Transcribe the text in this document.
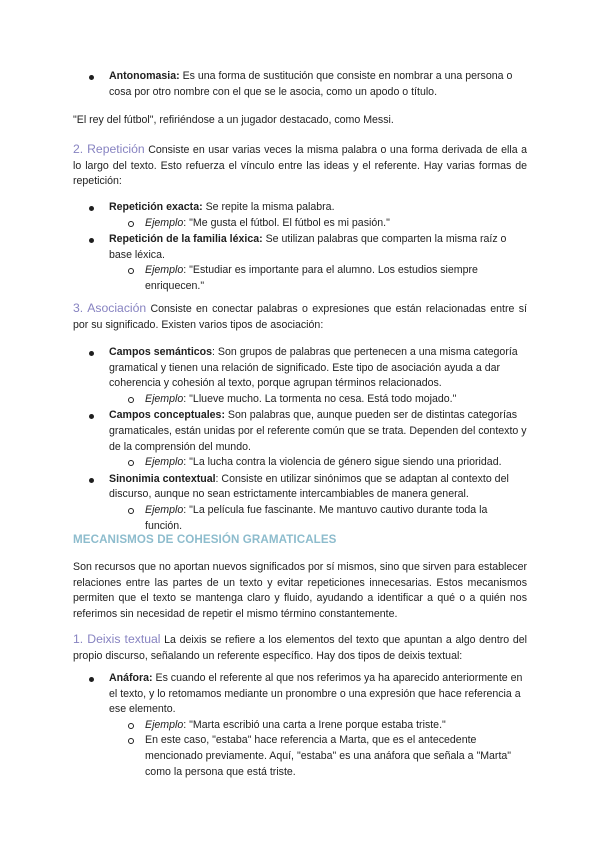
Antonomasia: Es una forma de sustitución que consiste en nombrar a una persona o cosa por otro nombre con el que se le asocia, como un apodo o título.

"El rey del fútbol", refiriéndose a un jugador destacado, como Messi.

2. Repetición Consiste en usar varias veces la misma palabra o una forma derivada de ella a lo largo del texto. Esto refuerza el vínculo entre las ideas y el referente. Hay varias formas de repetición:

Repetición exacta: Se repite la misma palabra.
Ejemplo: "Me gusta el fútbol. El fútbol es mi pasión."
Repetición de la familia léxica: Se utilizan palabras que comparten la misma raíz o base léxica.
Ejemplo: "Estudiar es importante para el alumno. Los estudios siempre enriquecen."

3. Asociación Consiste en conectar palabras o expresiones que están relacionadas entre sí por su significado. Existen varios tipos de asociación:

Campos semánticos: Son grupos de palabras que pertenecen a una misma categoría gramatical y tienen una relación de significado. Este tipo de asociación ayuda a dar coherencia y cohesión al texto, porque agrupan términos relacionados.
Ejemplo: "Llueve mucho. La tormenta no cesa. Está todo mojado."
Campos conceptuales: Son palabras que, aunque pueden ser de distintas categorías gramaticales, están unidas por el referente común que se trata. Dependen del contexto y de la comprensión del mundo.
Ejemplo: "La lucha contra la violencia de género sigue siendo una prioridad.
Sinonimia contextual: Consiste en utilizar sinónimos que se adaptan al contexto del discurso, aunque no sean estrictamente intercambiables de manera general.
Ejemplo: "La película fue fascinante. Me mantuvo cautivo durante toda la función.

MECANISMOS DE COHESIÓN GRAMATICALES

Son recursos que no aportan nuevos significados por sí mismos, sino que sirven para establecer relaciones entre las partes de un texto y evitar repeticiones innecesarias. Estos mecanismos permiten que el texto se mantenga claro y fluido, ayudando a identificar a qué o a quién nos referimos sin necesidad de repetir el mismo término constantemente.

1. Deixis textual La deixis se refiere a los elementos del texto que apuntan a algo dentro del propio discurso, señalando un referente específico. Hay dos tipos de deixis textual:

Anáfora: Es cuando el referente al que nos referimos ya ha aparecido anteriormente en el texto, y lo retomamos mediante un pronombre o una expresión que hace referencia a ese elemento.
Ejemplo: "Marta escribió una carta a Irene porque estaba triste."
En este caso, "estaba" hace referencia a Marta, que es el antecedente mencionado previamente. Aquí, "estaba" es una anáfora que señala a "Marta" como la persona que está triste.
